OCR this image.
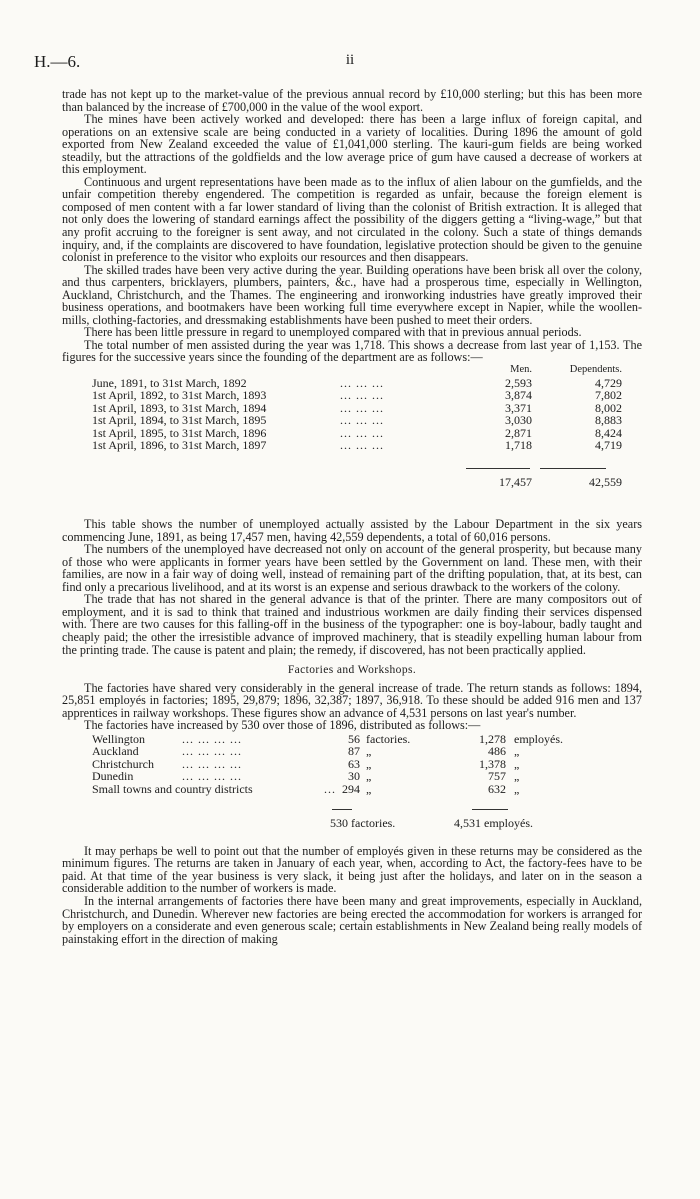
H.—6.	ii

trade has not kept up to the market-value of the previous annual record by £10,000 sterling; but this has been more than balanced by the increase of £700,000 in the value of the wool export.

The mines have been actively worked and developed: there has been a large influx of foreign capital, and operations on an extensive scale are being conducted in a variety of localities. During 1896 the amount of gold exported from New Zealand exceeded the value of £1,041,000 sterling. The kauri-gum fields are being worked steadily, but the attractions of the goldfields and the low average price of gum have caused a decrease of workers at this employment.

Continuous and urgent representations have been made as to the influx of alien labour on the gumfields, and the unfair competition thereby engendered. The competition is regarded as unfair, because the foreign element is composed of men content with a far lower standard of living than the colonist of British extraction. It is alleged that not only does the lowering of standard earnings affect the possibility of the diggers getting a “living-wage,” but that any profit accruing to the foreigner is sent away, and not circulated in the colony. Such a state of things demands inquiry, and, if the complaints are discovered to have foundation, legislative protection should be given to the genuine colonist in preference to the visitor who exploits our resources and then disappears.

The skilled trades have been very active during the year. Building operations have been brisk all over the colony, and thus carpenters, bricklayers, plumbers, painters, &c., have had a prosperous time, especially in Wellington, Auckland, Christchurch, and the Thames. The engineering and ironworking industries have greatly improved their business operations, and bootmakers have been working full time everywhere except in Napier, while the woollen-mills, clothing-factories, and dressmaking establishments have been pushed to meet their orders.

There has been little pressure in regard to unemployed compared with that in previous annual periods.

The total number of men assisted during the year was 1,718. This shows a decrease from last year of 1,153. The figures for the successive years since the founding of the department are as follows:—

Men.	Dependents.
June, 1891, to 31st March, 1892	... ... ...	2,593	4,729
1st April, 1892, to 31st March, 1893	... ... ...	3,874	7,802
1st April, 1893, to 31st March, 1894	... ... ...	3,371	8,002
1st April, 1894, to 31st March, 1895	... ... ...	3,030	8,883
1st April, 1895, to 31st March, 1896	... ... ...	2,871	8,424
1st April, 1896, to 31st March, 1897	... ... ...	1,718	4,719
17,457	42,559

This table shows the number of unemployed actually assisted by the Labour Department in the six years commencing June, 1891, as being 17,457 men, having 42,559 dependents, a total of 60,016 persons.

The numbers of the unemployed have decreased not only on account of the general prosperity, but because many of those who were applicants in former years have been settled by the Government on land. These men, with their families, are now in a fair way of doing well, instead of remaining part of the drifting population, that, at its best, can find only a precarious livelihood, and at its worst is an expense and serious drawback to the workers of the colony.

The trade that has not shared in the general advance is that of the printer. There are many compositors out of employment, and it is sad to think that trained and industrious workmen are daily finding their services dispensed with. There are two causes for this falling-off in the business of the typographer: one is boy-labour, badly taught and cheaply paid; the other the irresistible advance of improved machinery, that is steadily expelling human labour from the printing trade. The cause is patent and plain; the remedy, if discovered, has not been practically applied.

Factories and Workshops.

The factories have shared very considerably in the general increase of trade. The return stands as follows: 1894, 25,851 employés in factories; 1895, 29,879; 1896, 32,387; 1897, 36,918. To these should be added 916 men and 137 apprentices in railway workshops. These figures show an advance of 4,531 persons on last year's number.

The factories have increased by 530 over those of 1896, distributed as follows:—

Wellington	... ... ... ...	56 factories.	1,278 employés.
Auckland	... ... ... ...	87 „	486 „
Christchurch ... ... ... ...	63 „	1,378 „
Dunedin	... ... ... ...	30 „	757 „
Small towns and country districts	... 294 „	632 „
530 factories.	4,531 employés.

It may perhaps be well to point out that the number of employés given in these returns may be considered as the minimum figures. The returns are taken in January of each year, when, according to Act, the factory-fees have to be paid. At that time of the year business is very slack, it being just after the holidays, and later on in the season a considerable addition to the number of workers is made.

In the internal arrangements of factories there have been many and great improvements, especially in Auckland, Christchurch, and Dunedin. Wherever new factories are being erected the accommodation for workers is arranged for by employers on a considerate and even generous scale; certain establishments in New Zealand being really models of painstaking effort in the direction of making
